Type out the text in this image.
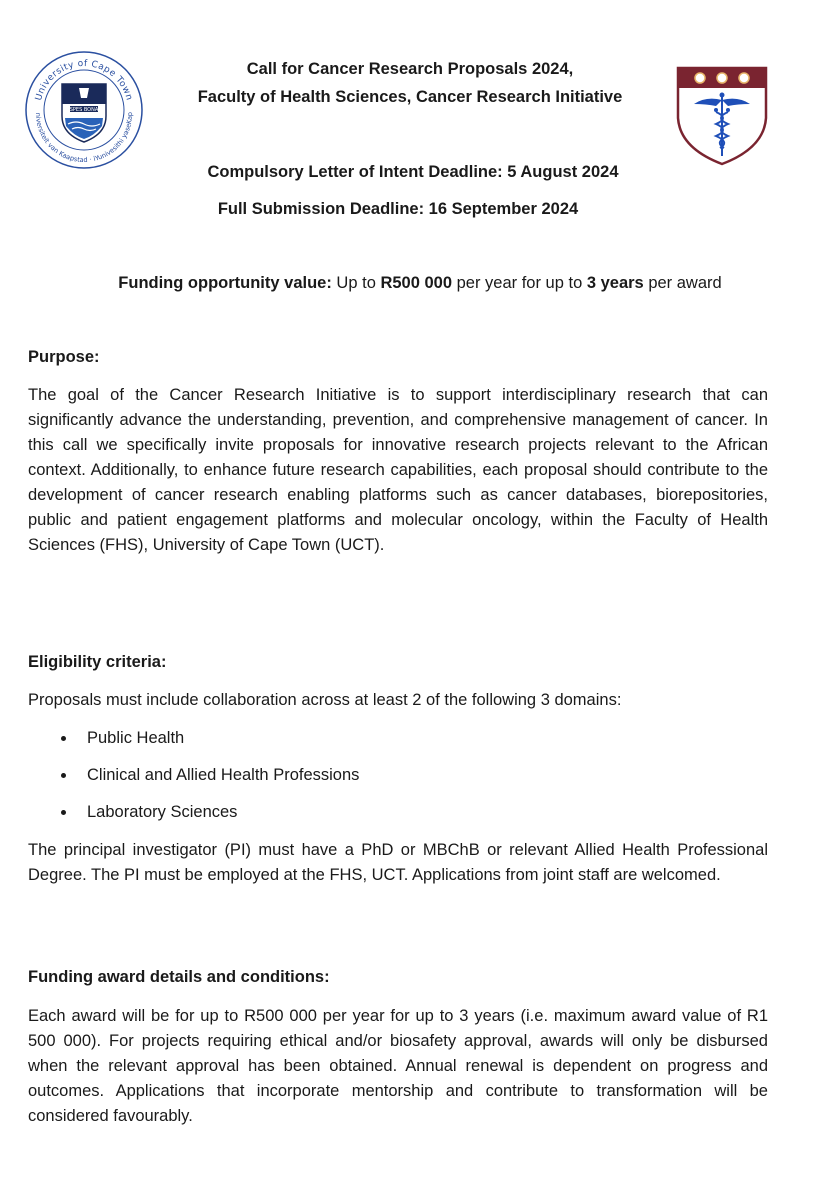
University of Cape Town
niversiteit van Kaapstad · iYunivesithi yaseKap
SPES BONA
Call for Cancer Research Proposals 2024,
Faculty of Health Sciences, Cancer Research Initiative
Compulsory Letter of Intent Deadline: 5 August 2024
Full Submission Deadline: 16 September 2024
Funding opportunity value: Up to R500 000 per year for up to 3 years per award

Purpose:

The goal of the Cancer Research Initiative is to support interdisciplinary research that can significantly advance the understanding, prevention, and comprehensive management of cancer. In this call we specifically invite proposals for innovative research projects relevant to the African context. Additionally, to enhance future research capabilities, each proposal should contribute to the development of cancer research enabling platforms such as cancer databases, biorepositories, public and patient engagement platforms and molecular oncology, within the Faculty of Health Sciences (FHS), University of Cape Town (UCT).

Eligibility criteria:

Proposals must include collaboration across at least 2 of the following 3 domains:

Public Health
Clinical and Allied Health Professions
Laboratory Sciences

The principal investigator (PI) must have a PhD or MBChB or relevant Allied Health Professional Degree. The PI must be employed at the FHS, UCT. Applications from joint staff are welcomed.

Funding award details and conditions:

Each award will be for up to R500 000 per year for up to 3 years (i.e. maximum award value of R1 500 000). For projects requiring ethical and/or biosafety approval, awards will only be disbursed when the relevant approval has been obtained. Annual renewal is dependent on progress and outcomes. Applications that incorporate mentorship and contribute to transformation will be considered favourably.
